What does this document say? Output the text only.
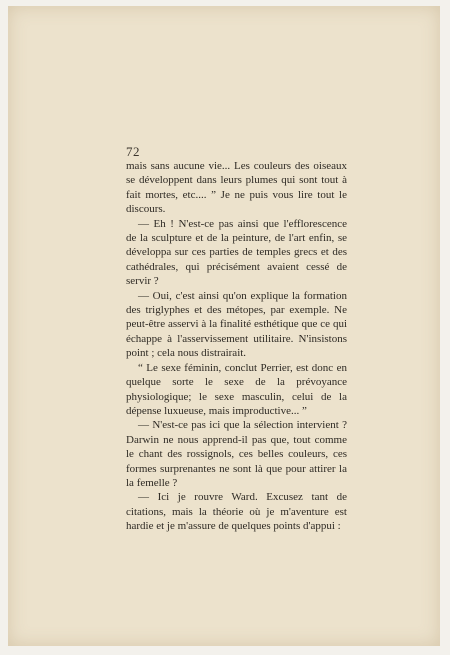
72

mais sans aucune vie... Les couleurs des oiseaux se développent dans leurs plumes qui sont tout à fait mortes, etc.... ” Je ne puis vous lire tout le discours.

— Eh ! N'est-ce pas ainsi que l'efflorescence de la sculpture et de la peinture, de l'art enfin, se développa sur ces parties de temples grecs et des cathédrales, qui précisément avaient cessé de servir ?

— Oui, c'est ainsi qu'on explique la formation des triglyphes et des métopes, par exemple. Ne peut-être asservi à la finalité esthétique que ce qui échappe à l'asservissement utilitaire. N'insistons point ; cela nous distrairait.

“ Le sexe féminin, conclut Perrier, est donc en quelque sorte le sexe de la prévoyance physiologique; le sexe masculin, celui de la dépense luxueuse, mais improductive... ”

— N'est-ce pas ici que la sélection intervient ? Darwin ne nous apprend-il pas que, tout comme le chant des rossignols, ces belles couleurs, ces formes surprenantes ne sont là que pour attirer la la femelle ?

— Ici je rouvre Ward. Excusez tant de citations, mais la théorie où je m'aventure est hardie et je m'assure de quelques points d'appui :
